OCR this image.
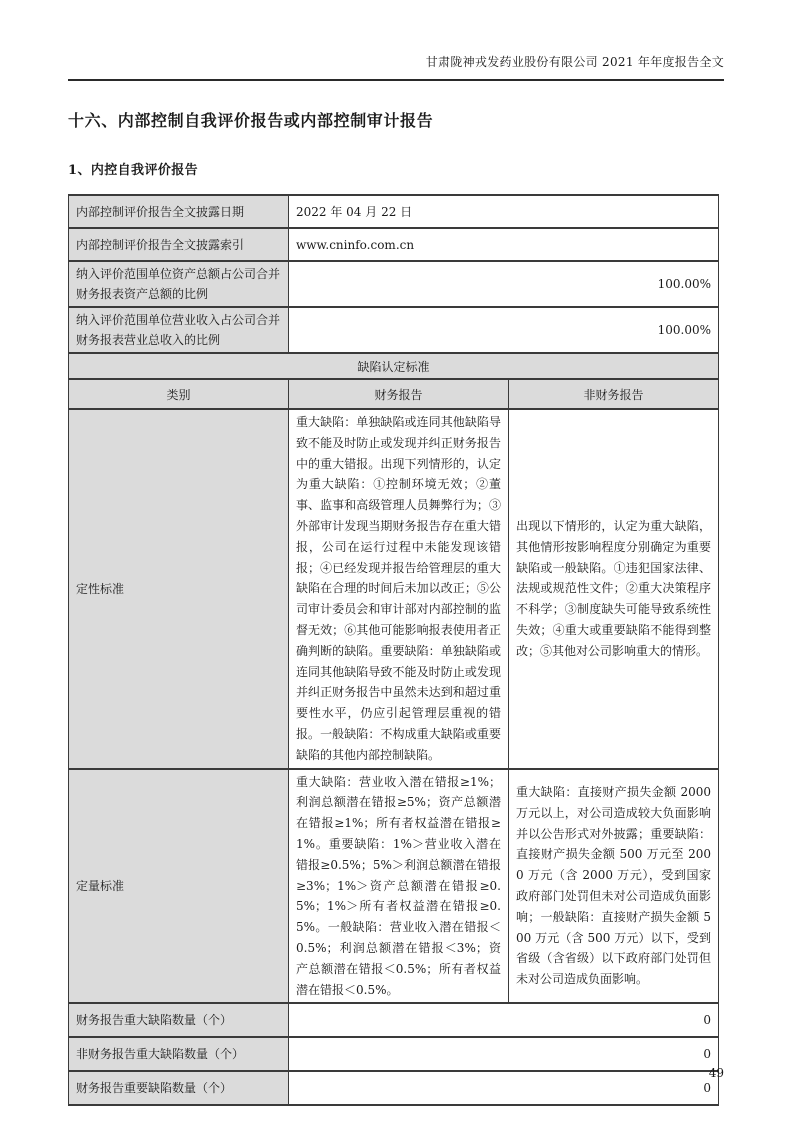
甘肃陇神戎发药业股份有限公司 2021 年年度报告全文
十六、内部控制自我评价报告或内部控制审计报告
1、内控自我评价报告
内部控制评价报告全文披露日期	2022 年 04 月 22 日	
内部控制评价报告全文披露索引	www.cninfo.com.cn	
纳入评价范围单位资产总额占公司合并财务报表资产总额的比例	100.00%	
纳入评价范围单位营业收入占公司合并财务报表营业总收入的比例	100.00%	
缺陷认定标准		
类别	财务报告	非财务报告
定性标准	重大缺陷：单独缺陷或连同其他缺陷导致不能及时防止或发现并纠正财务报告中的重大错报。出现下列情形的，认定为重大缺陷：①控制环境无效；②董事、监事和高级管理人员舞弊行为；③外部审计发现当期财务报告存在重大错报，公司在运行过程中未能发现该错报；④已经发现并报告给管理层的重大缺陷在合理的时间后未加以改正；⑤公司审计委员会和审计部对内部控制的监督无效；⑥其他可能影响报表使用者正确判断的缺陷。重要缺陷：单独缺陷或连同其他缺陷导致不能及时防止或发现并纠正财务报告中虽然未达到和超过重要性水平，仍应引起管理层重视的错报。一般缺陷：不构成重大缺陷或重要缺陷的其他内部控制缺陷。	出现以下情形的，认定为重大缺陷，其他情形按影响程度分别确定为重要缺陷或一般缺陷。①违犯国家法律、法规或规范性文件；②重大决策程序不科学；③制度缺失可能导致系统性失效；④重大或重要缺陷不能得到整改；⑤其他对公司影响重大的情形。
定量标准	重大缺陷：营业收入潜在错报≥1%；利润总额潜在错报≥5%；资产总额潜在错报≥1%；所有者权益潜在错报≥1%。重要缺陷：1%＞营业收入潜在错报≥0.5%；5%＞利润总额潜在错报≥3%；1%＞资产总额潜在错报≥0.5%；1%＞所有者权益潜在错报≥0.5%。一般缺陷：营业收入潜在错报＜0.5%；利润总额潜在错报＜3%；资产总额潜在错报＜0.5%；所有者权益潜在错报＜0.5%。	重大缺陷：直接财产损失金额 2000 万元以上，对公司造成较大负面影响并以公告形式对外披露；重要缺陷：直接财产损失金额 500 万元至 2000 万元（含 2000 万元），受到国家政府部门处罚但未对公司造成负面影响；一般缺陷：直接财产损失金额 500 万元（含 500 万元）以下，受到省级（含省级）以下政府部门处罚但未对公司造成负面影响。
财务报告重大缺陷数量（个）	0	
非财务报告重大缺陷数量（个）	0	
财务报告重要缺陷数量（个）	0	
49
